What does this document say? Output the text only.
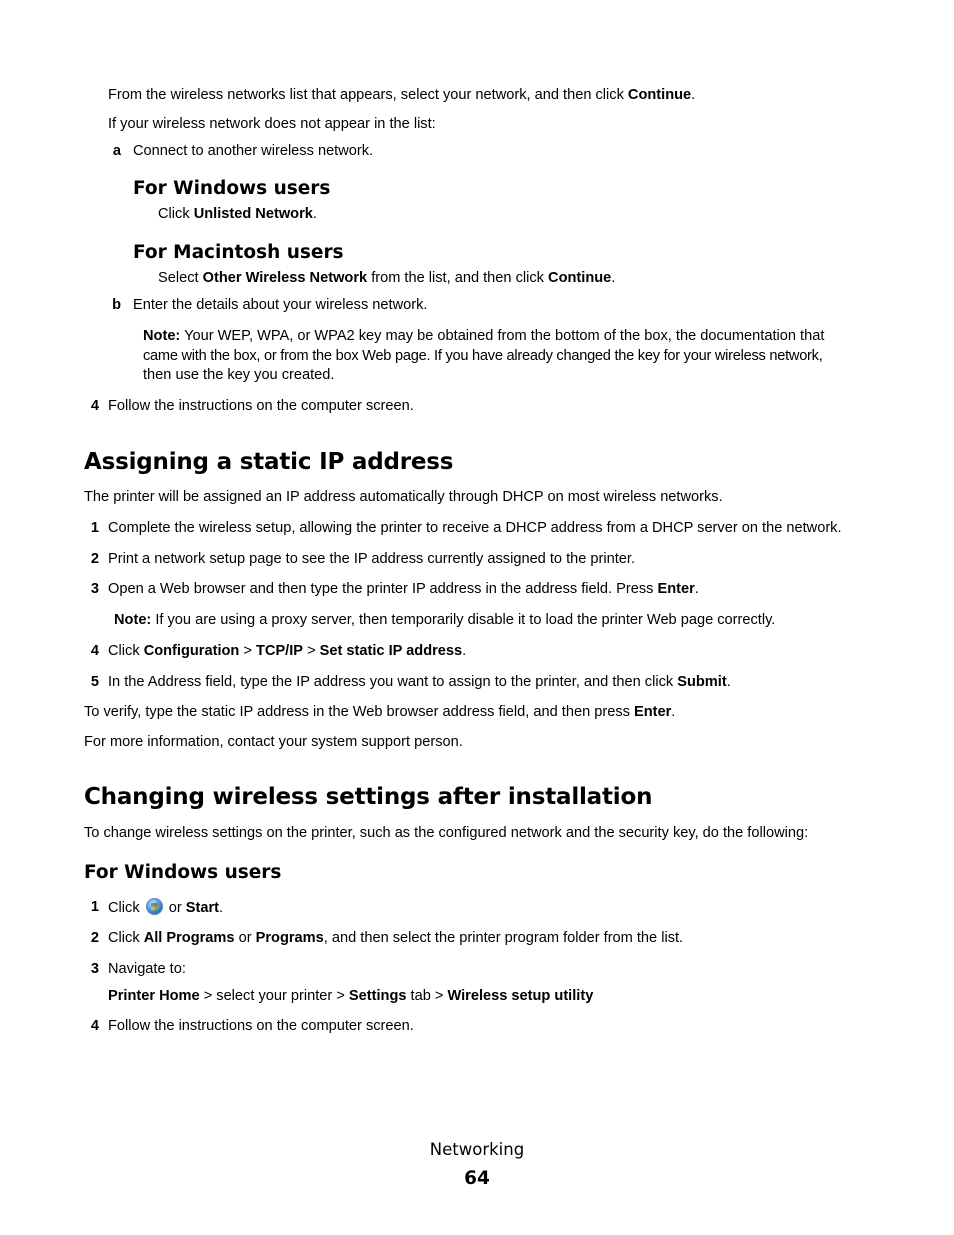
From the wireless networks list that appears, select your network, and then click Continue.
If your wireless network does not appear in the list:
a Connect to another wireless network.
For Windows users
Click Unlisted Network.
For Macintosh users
Select Other Wireless Network from the list, and then click Continue.
b Enter the details about your wireless network.
Note: Your WEP, WPA, or WPA2 key may be obtained from the bottom of the box, the documentation that
came with the box, or from the box Web page. If you have already changed the key for your wireless network,
then use the key you created.
4 Follow the instructions on the computer screen.
Assigning a static IP address
The printer will be assigned an IP address automatically through DHCP on most wireless networks.
1 Complete the wireless setup, allowing the printer to receive a DHCP address from a DHCP server on the network.
2 Print a network setup page to see the IP address currently assigned to the printer.
3 Open a Web browser and then type the printer IP address in the address field. Press Enter.
Note: If you are using a proxy server, then temporarily disable it to load the printer Web page correctly.
4 Click Configuration > TCP/IP > Set static IP address.
5 In the Address field, type the IP address you want to assign to the printer, and then click Submit.
To verify, type the static IP address in the Web browser address field, and then press Enter.
For more information, contact your system support person.
Changing wireless settings after installation
To change wireless settings on the printer, such as the configured network and the security key, do the following:
For Windows users
1 Click  or Start.
2 Click All Programs or Programs, and then select the printer program folder from the list.
3 Navigate to:
Printer Home > select your printer > Settings tab > Wireless setup utility
4 Follow the instructions on the computer screen.
Networking
64
